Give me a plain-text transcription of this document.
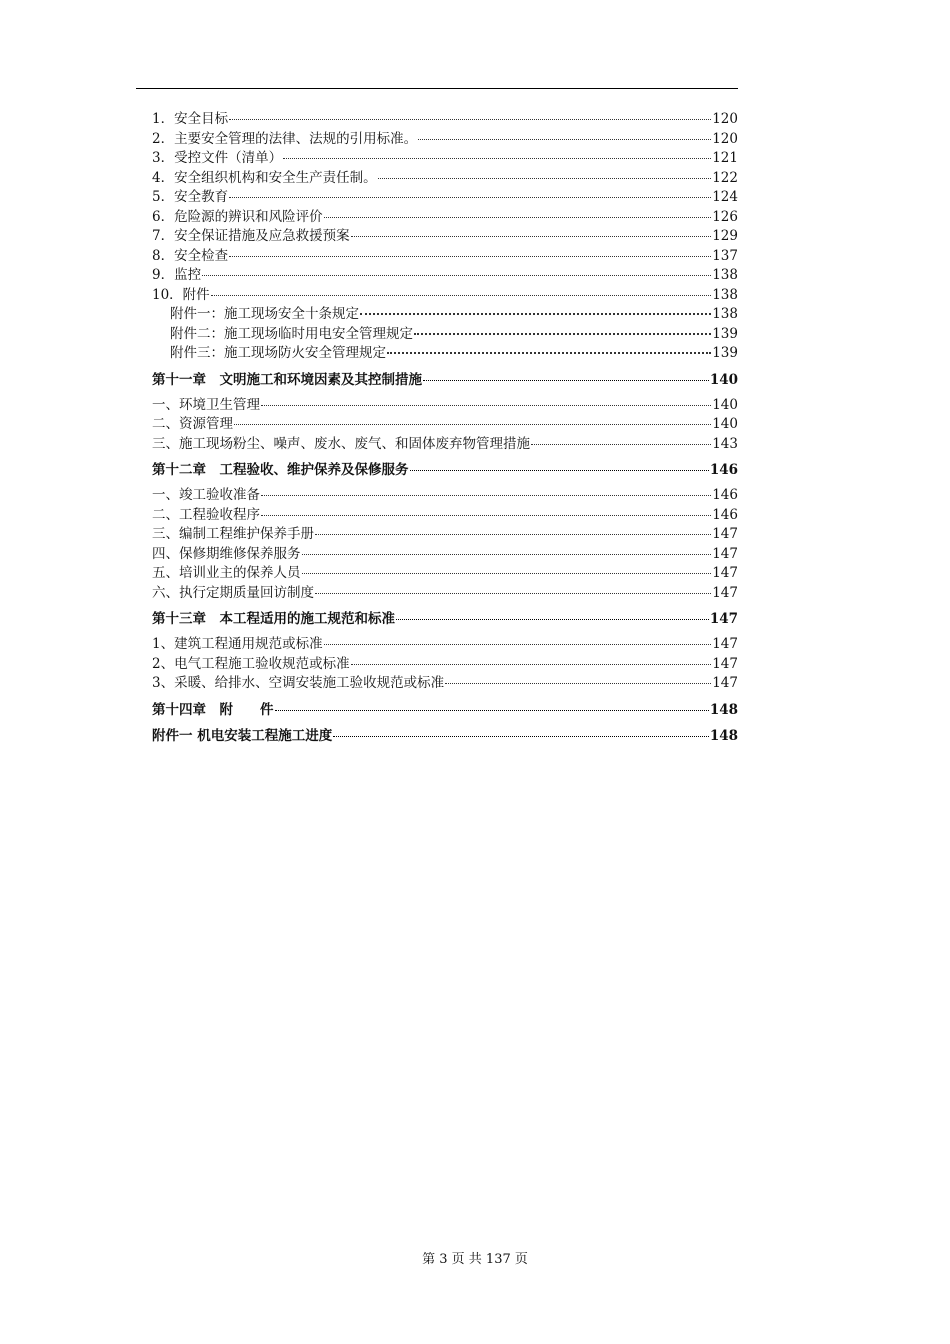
1．安全目标	120
2．主要安全管理的法律、法规的引用标准。	120
3．受控文件（清单）	121
4．安全组织机构和安全生产责任制。	122
5．安全教育	124
6．危险源的辨识和风险评价	126
7．安全保证措施及应急救援预案	129
8．安全检查	137
9．监控	138
10．附件	138
附件一：施工现场安全十条规定	138
附件二：施工现场临时用电安全管理规定	139
附件三：施工现场防火安全管理规定	139
第十一章　文明施工和环境因素及其控制措施	140
一、环境卫生管理	140
二、资源管理	140
三、施工现场粉尘、噪声、废水、废气、和固体废弃物管理措施	143
第十二章　工程验收、维护保养及保修服务	146
一、竣工验收准备	146
二、工程验收程序	146
三、编制工程维护保养手册	147
四、保修期维修保养服务	147
五、培训业主的保养人员	147
六、执行定期质量回访制度	147
第十三章　本工程适用的施工规范和标准	147
1、建筑工程通用规范或标准	147
2、电气工程施工验收规范或标准	147
3、采暖、给排水、空调安装施工验收规范或标准	147
第十四章　附　　件	148
附件一 机电安装工程施工进度	148
第 3 页 共 137 页
